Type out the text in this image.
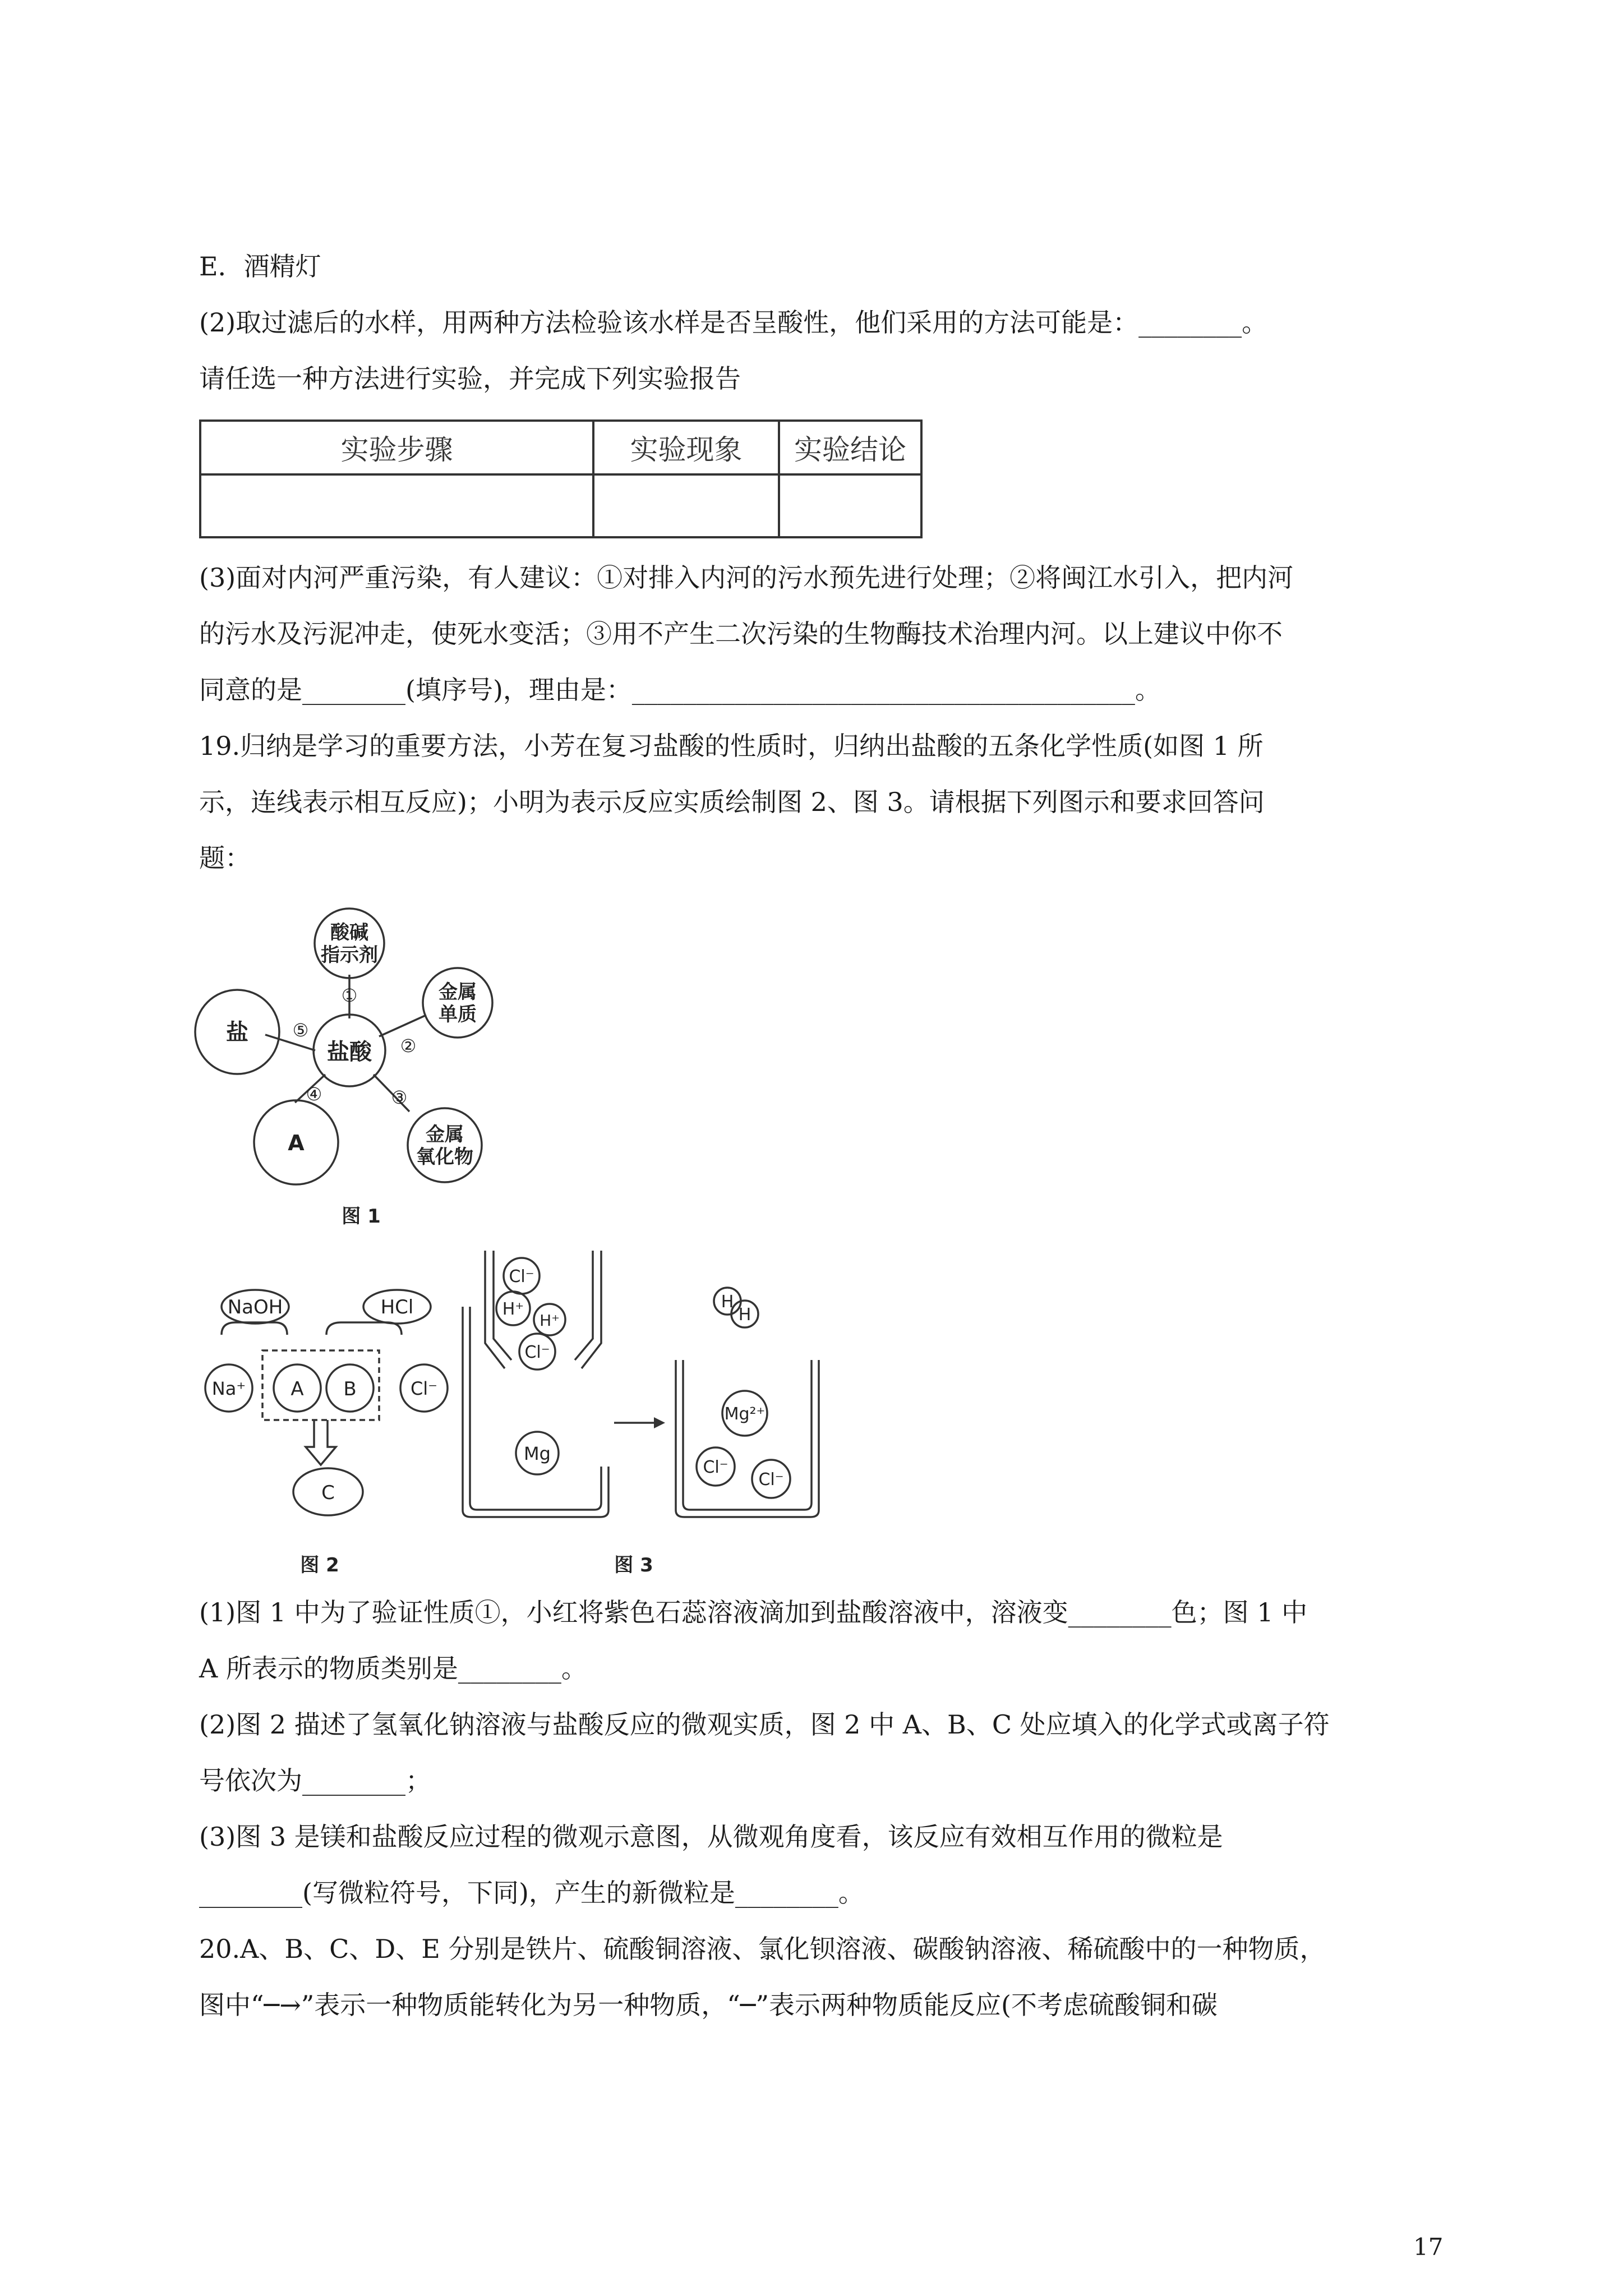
E．酒精灯
(2)取过滤后的水样，用两种方法检验该水样是否呈酸性，他们采用的方法可能是：________。
请任选一种方法进行实验，并完成下列实验报告
实验步骤	实验现象	实验结论

(3)面对内河严重污染，有人建议：①对排入内河的污水预先进行处理；②将闽江水引入，把内河
的污水及污泥冲走，使死水变活；③用不产生二次污染的生物酶技术治理内河。以上建议中你不
同意的是________(填序号)，理由是：_______________________________________。
19.归纳是学习的重要方法，小芳在复习盐酸的性质时，归纳出盐酸的五条化学性质(如图 1 所
示，连线表示相互反应)；小明为表示反应实质绘制图 2、图 3。请根据下列图示和要求回答问
题：
盐酸
酸碱
指示剂
金属
单质
金属
氧化物
A
盐
①
②
③
④
⑤
图 1
NaOH	HCl
Na⁺ A B	Cl⁻
C
图 2
Cl⁻
H⁺
H⁺
Cl⁻
Mg
H
H
Mg²⁺
Cl⁻
Cl⁻
图 3
(1)图 1 中为了验证性质①，小红将紫色石蕊溶液滴加到盐酸溶液中，溶液变________色；图 1 中
A 所表示的物质类别是________。
(2)图 2 描述了氢氧化钠溶液与盐酸反应的微观实质，图 2 中 A、B、C 处应填入的化学式或离子符
号依次为________；
(3)图 3 是镁和盐酸反应过程的微观示意图，从微观角度看，该反应有效相互作用的微粒是
________(写微粒符号，下同)，产生的新微粒是________。
20.A、B、C、D、E 分别是铁片、硫酸铜溶液、氯化钡溶液、碳酸钠溶液、稀硫酸中的一种物质，
图中“─→”表示一种物质能转化为另一种物质，“─”表示两种物质能反应(不考虑硫酸铜和碳
17
